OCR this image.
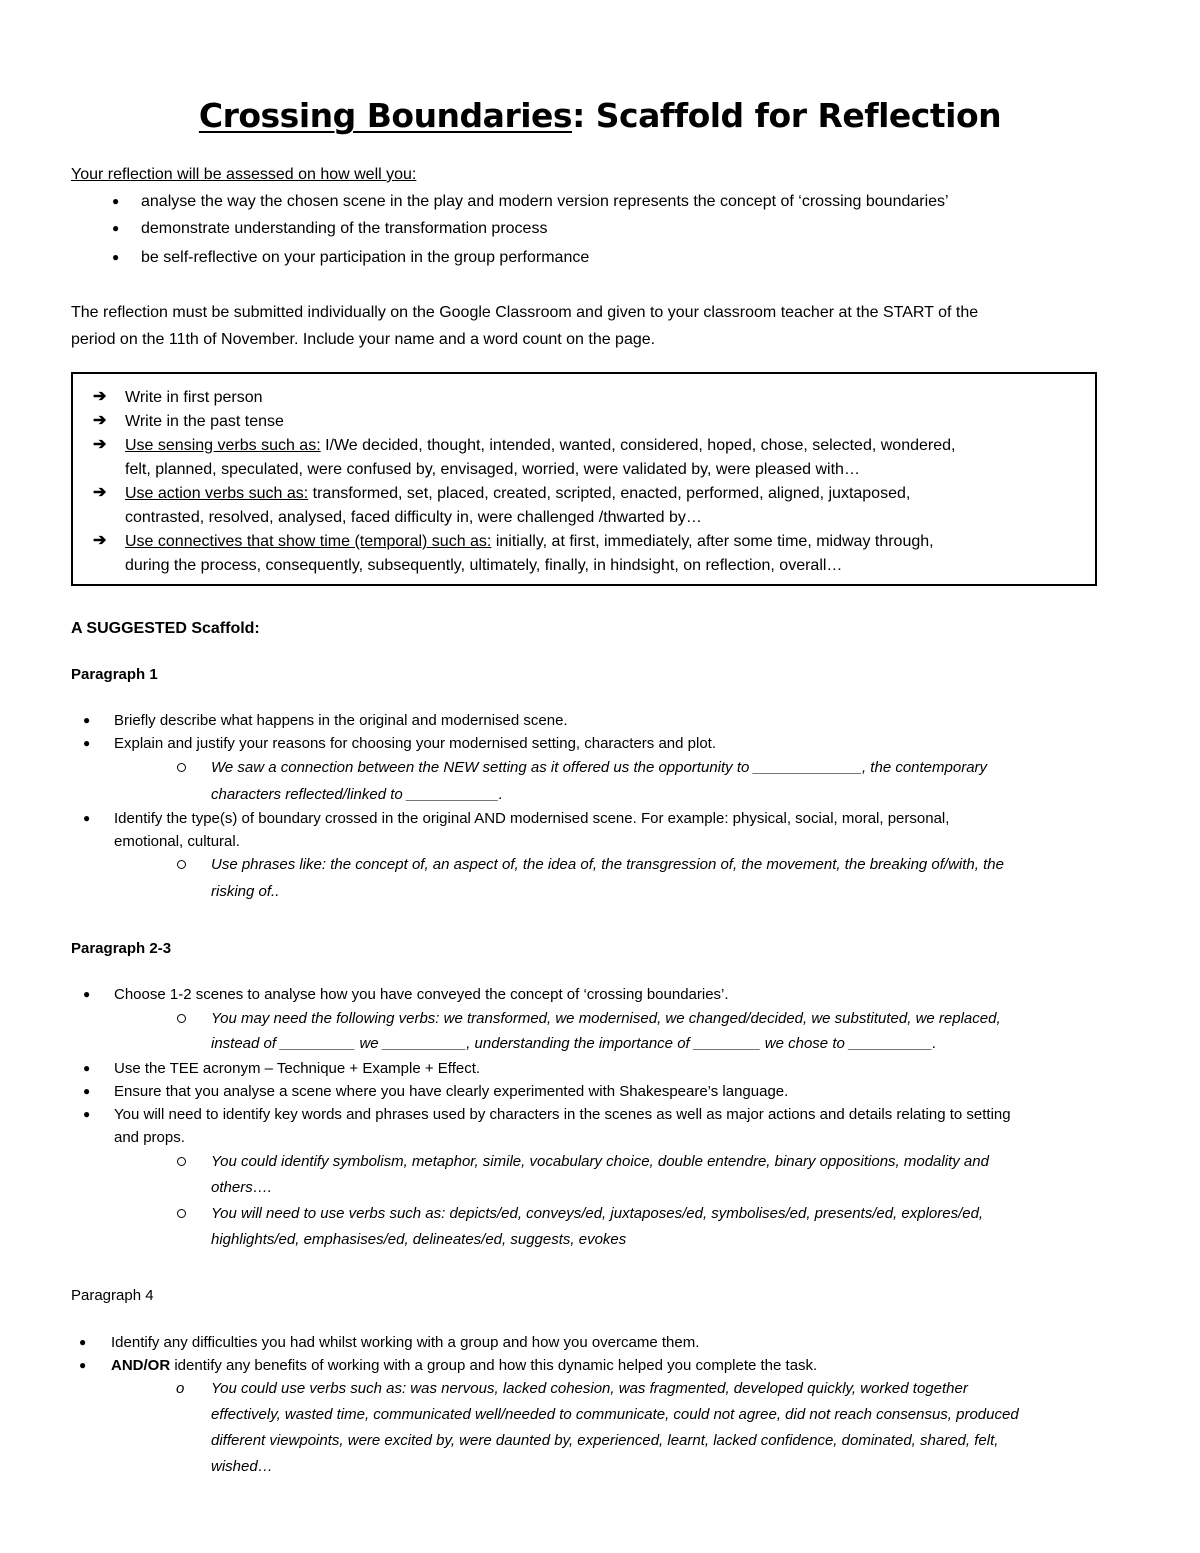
Crossing Boundaries: Scaffold for Reflection
Your reflection will be assessed on how well you:
● analyse the way the chosen scene in the play and modern version represents the concept of ‘crossing boundaries’
● demonstrate understanding of the transformation process
● be self-reflective on your participation in the group performance
The reflection must be submitted individually on the Google Classroom and given to your classroom teacher at the START of the
period on the 11th of November. Include your name and a word count on the page.
➔ Write in first person
➔ Write in the past tense
➔ Use sensing verbs such as: I/We decided, thought, intended, wanted, considered, hoped, chose, selected, wondered,
felt, planned, speculated, were confused by, envisaged, worried, were validated by, were pleased with…
➔ Use action verbs such as: transformed, set, placed, created, scripted, enacted, performed, aligned, juxtaposed,
contrasted, resolved, analysed, faced difficulty in, were challenged /thwarted by…
➔ Use connectives that show time (temporal) such as: initially, at first, immediately, after some time, midway through,
during the process, consequently, subsequently, ultimately, finally, in hindsight, on reflection, overall…
A SUGGESTED Scaffold:
Paragraph 1
● Briefly describe what happens in the original and modernised scene.
● Explain and justify your reasons for choosing your modernised setting, characters and plot.
We saw a connection between the NEW setting as it offered us the opportunity to _____________, the contemporary
characters reflected/linked to ___________.
● Identify the type(s) of boundary crossed in the original AND modernised scene. For example: physical, social, moral, personal,
emotional, cultural.
Use phrases like: the concept of, an aspect of, the idea of, the transgression of, the movement, the breaking of/with, the
risking of..
Paragraph 2-3
● Choose 1-2 scenes to analyse how you have conveyed the concept of ‘crossing boundaries’.
You may need the following verbs: we transformed, we modernised, we changed/decided, we substituted, we replaced,
instead of _________ we __________, understanding the importance of ________ we chose to __________.
● Use the TEE acronym – Technique + Example + Effect.
● Ensure that you analyse a scene where you have clearly experimented with Shakespeare’s language.
● You will need to identify key words and phrases used by characters in the scenes as well as major actions and details relating to setting
and props.
You could identify symbolism, metaphor, simile, vocabulary choice, double entendre, binary oppositions, modality and
others….
You will need to use verbs such as: depicts/ed, conveys/ed, juxtaposes/ed, symbolises/ed, presents/ed, explores/ed,
highlights/ed, emphasises/ed, delineates/ed, suggests, evokes
Paragraph 4
● Identify any difficulties you had whilst working with a group and how you overcame them.
● AND/OR identify any benefits of working with a group and how this dynamic helped you complete the task.
o You could use verbs such as: was nervous, lacked cohesion, was fragmented, developed quickly, worked together
effectively, wasted time, communicated well/needed to communicate, could not agree, did not reach consensus, produced
different viewpoints, were excited by, were daunted by, experienced, learnt, lacked confidence, dominated, shared, felt,
wished…
